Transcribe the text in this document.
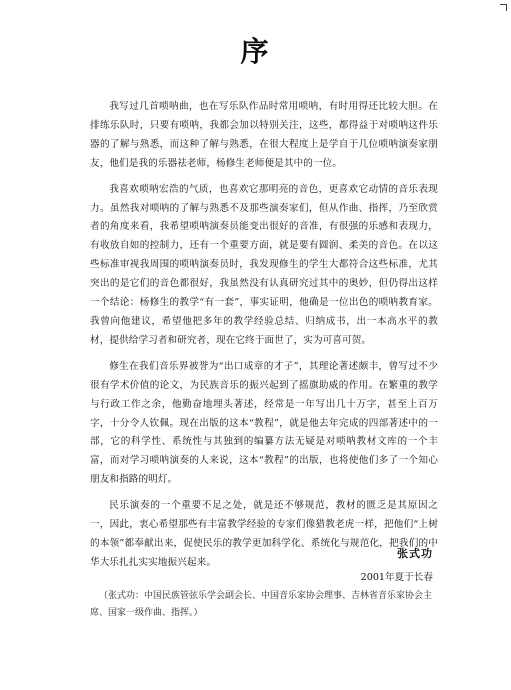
序

我写过几首唢呐曲，也在写乐队作品时常用唢呐，有时用得还比较大胆。在排练乐队时，只要有唢呐，我都会加以特别关注，这些，都得益于对唢呐这件乐器的了解与熟悉，而这种了解与熟悉，在很大程度上是学自于几位唢呐演奏家朋友，他们是我的乐器祛老师，杨修生老师便是其中的一位。

我喜欢唢呐宏浩的气质，也喜欢它那明亮的音色，更喜欢它动情的音乐表现力。虽然我对唢呐的了解与熟悉不及那些演奏家们，但从作曲、指挥，乃至欣赏者的角度来看，我希望唢呐演奏员能变出很好的音准，有很强的乐感和表现力，有收放自如的控制力，还有一个重要方面，就是要有圆润、柔美的音色。在以这些标准审视我周围的唢呐演奏员时，我发现修生的学生大都符合这些标准，尤其突出的是它们的音色都很好，我虽然没有认真研究过其中的奥妙，但仍得出这样一个结论：杨修生的教学“有一套”，事实证明，他确是一位出色的唢呐教育家。我曾向他建议，希望他把多年的教学经验总结、归纳成书，出一本高水平的教材，提供给学习者和研究者，现在它终于面世了，实为可喜可贺。

修生在我们音乐界被誉为“出口成章的才子”，其理论著述颇丰，曾写过不少很有学术价值的论文，为民族音乐的振兴起到了摇旗助威的作用。在繁重的教学与行政工作之余，他勤奋地埋头著述，经常是一年写出几十万字，甚至上百万字，十分令人钦佩。现在出版的这本“教程”，就是他去年完成的四部著述中的一部，它的科学性、系统性与其独到的编纂方法无疑是对唢呐教材文库的一个丰富，而对学习唢呐演奏的人来说，这本“教程”的出版，也将使他们多了一个知心朋友和指路的明灯。

民乐演奏的一个重要不足之处，就是还不够规范，教材的匮乏是其原因之一，因此，衷心希望那些有丰富教学经验的专家们像猎教老虎一样，把他们“上树的本领”都奉献出来，促使民乐的教学更加科学化、系统化与规范化，把我们的中华大乐扎扎实实地振兴起来。

张式功
2001年夏于长春
（张式功：中国民族管弦乐学会副会长、中国音乐家协会理事、吉林省音乐家协会主席、国家一级作曲、指挥。）
